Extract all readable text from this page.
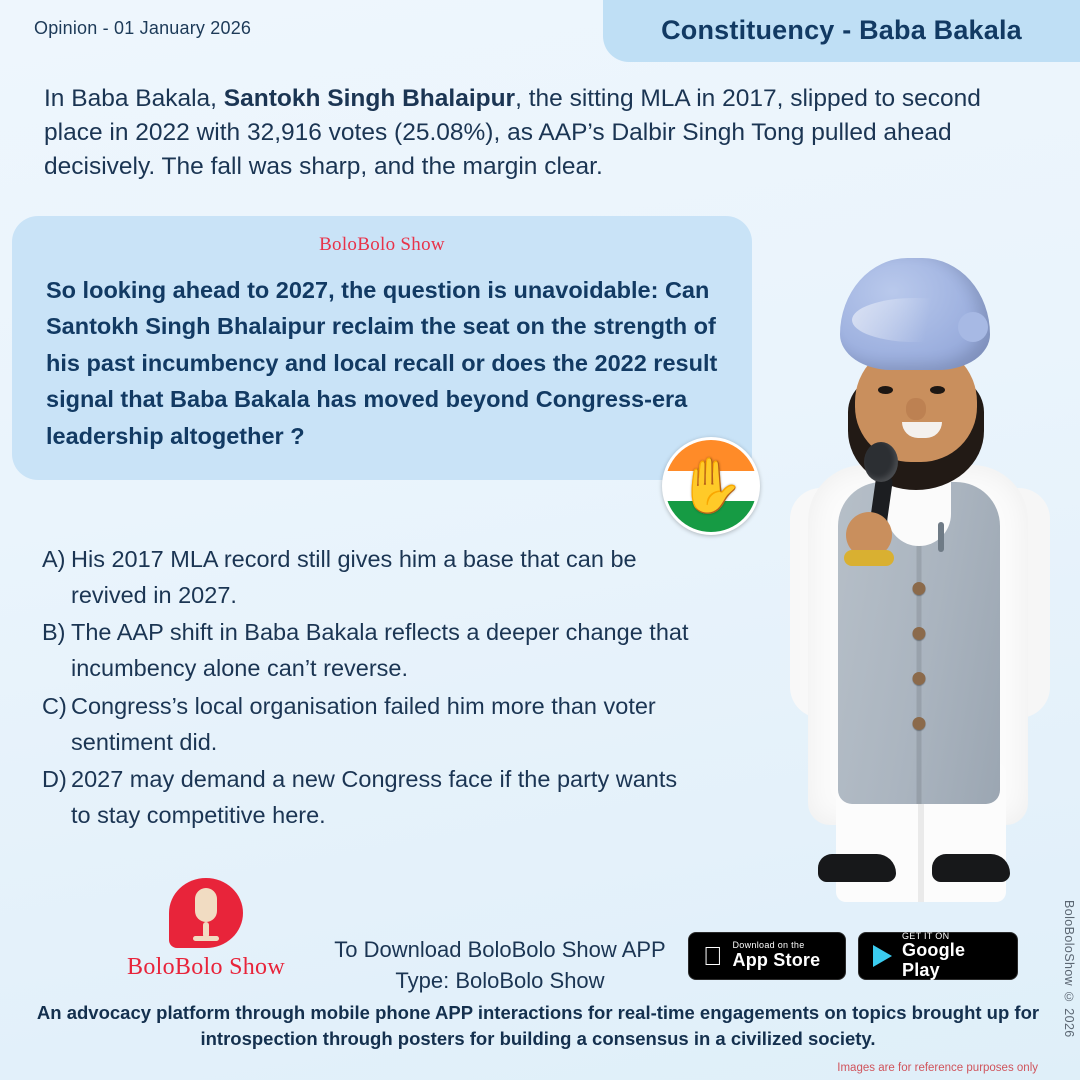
Opinion - 01 January 2026	Constituency - Baba Bakala
In Baba Bakala, Santokh Singh Bhalaipur, the sitting MLA in 2017, slipped to second place in 2022 with 32,916 votes (25.08%), as AAP’s Dalbir Singh Tong pulled ahead decisively. The fall was sharp, and the margin clear.
BoloBolo Show
So looking ahead to 2027, the question is unavoidable: Can Santokh Singh Bhalaipur reclaim the seat on the strength of his past incumbency and local recall or does the 2022 result signal that Baba Bakala has moved beyond Congress-era leadership altogether ?
✋
A) His 2017 MLA record still gives him a base that can be revived in 2027.
B) The AAP shift in Baba Bakala reflects a deeper change that incumbency alone can’t reverse.
C) Congress’s local organisation failed him more than voter sentiment did.
D) 2027 may demand a new Congress face if the party wants to stay competitive here.
BoloBolo Show
To Download BoloBolo Show APP
Type: BoloBolo Show
Download on the
App Store
GET IT ON
Google Play
An advocacy platform through mobile phone APP interactions for real-time engagements on topics brought up for introspection through posters for building a consensus in a civilized society.
Images are for reference purposes only
BoloBoloShow © 2026
